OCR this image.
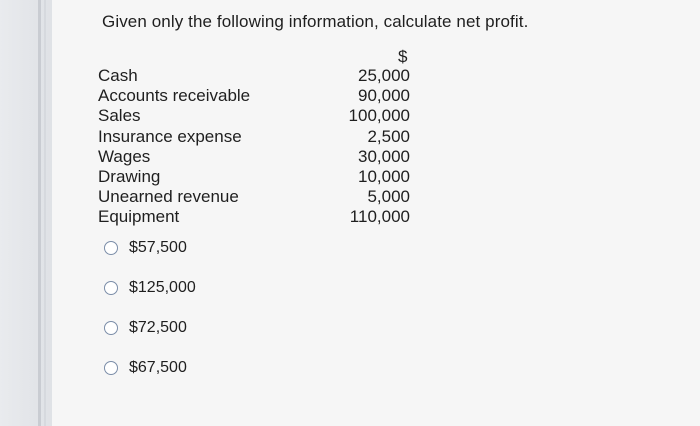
Given only the following information, calculate net profit.
$
Cash	25,000
Accounts receivable	90,000
Sales	100,000
Insurance expense	2,500
Wages	30,000
Drawing	10,000
Unearned revenue	5,000
Equipment	110,000
$57,500
$125,000
$72,500
$67,500
